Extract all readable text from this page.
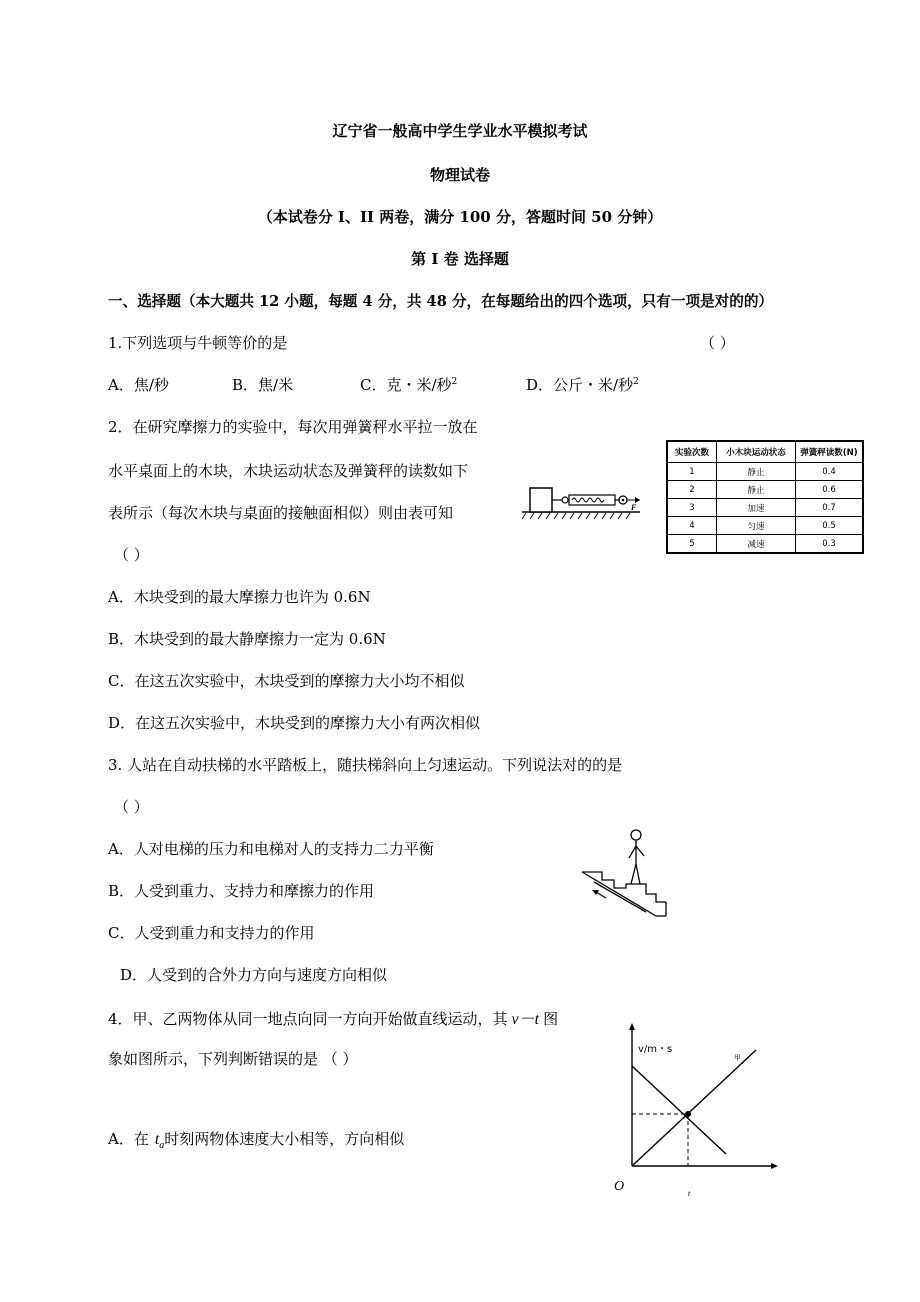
辽宁省一般高中学生学业水平模拟考试
物理试卷
（本试卷分 I、II 两卷，满分 100 分，答题时间 50 分钟）
第 I 卷 选择题
一、选择题（本大题共 12 小题，每题 4 分，共 48 分，在每题给出的四个选项，只有一项是对的的）
1.下列选项与牛顿等价的是	（ ）
A．焦/秒	B．焦/米	C．克・米/秒$^2$	D．公斤・米/秒$^2$
2．在研究摩擦力的实验中，每次用弹簧秤水平拉一放在
水平桌面上的木块，木块运动状态及弹簧秤的读数如下
表所示（每次木块与桌面的接触面相似）则由表可知
（ ）
F
实验次数	小木块运动状态	弹簧秤读数(N)
1	静止	0.4
2	静止	0.6
3	加速	0.7
4	匀速	0.5
5	减速	0.3
A．木块受到的最大摩擦力也许为 0.6N
B．木块受到的最大静摩擦力一定为 0.6N
C．在这五次实验中，木块受到的摩擦力大小均不相似
D．在这五次实验中，木块受到的摩擦力大小有两次相似
3. 人站在自动扶梯的水平踏板上，随扶梯斜向上匀速运动。下列说法对的的是
（ ）
A．人对电梯的压力和电梯对人的支持力二力平衡
B．人受到重力、支持力和摩擦力的作用
C．人受到重力和支持力的作用
D．人受到的合外力方向与速度方向相似
4．甲、乙两物体从同一地点向同一方向开始做直线运动，其 v－t 图
象如图所示，下列判断错误的是 （ ）
A．在 $t_a$时刻两物体速度大小相等，方向相似
v/m・s
甲
O	t
